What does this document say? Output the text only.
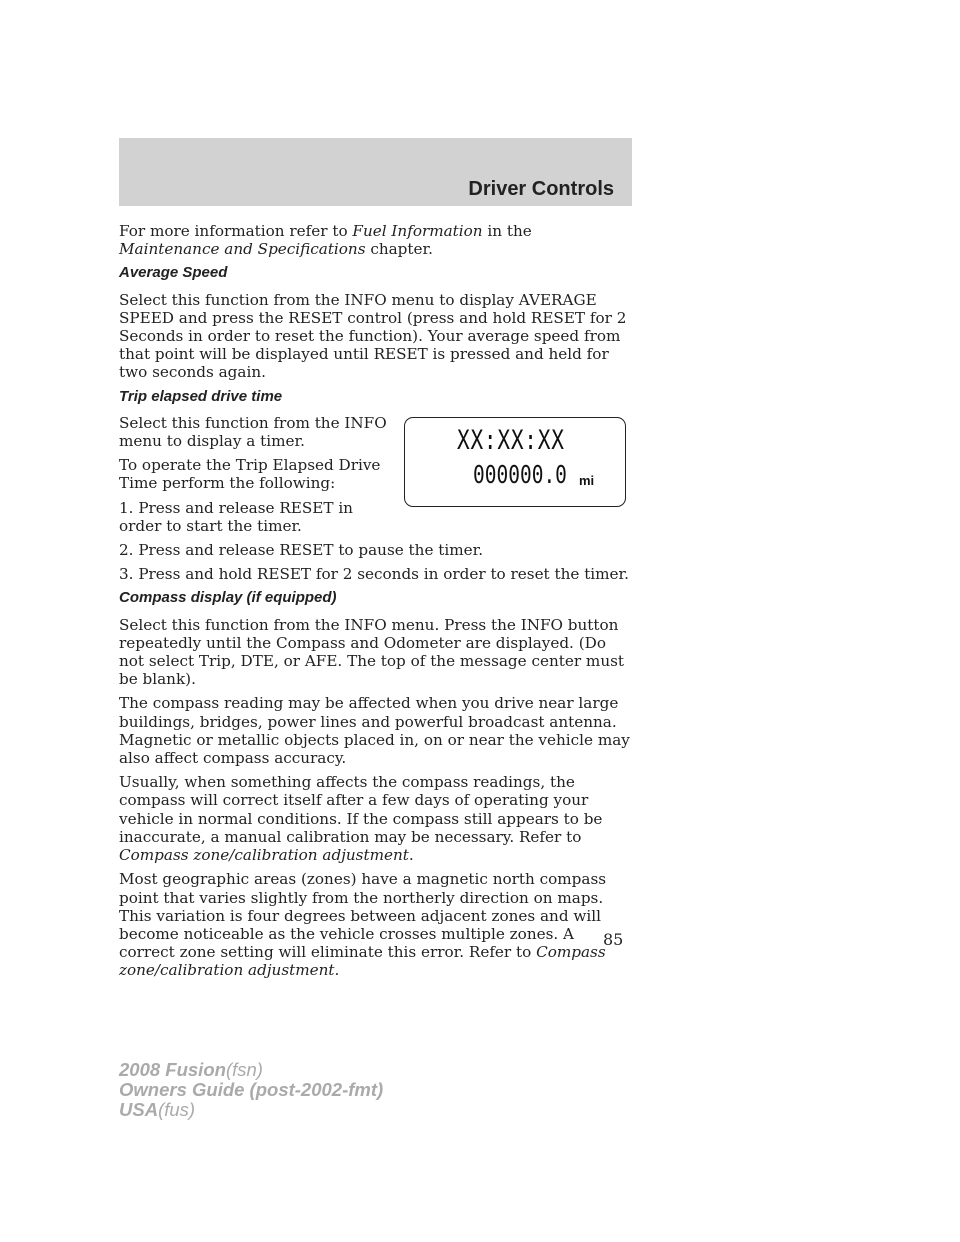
Driver Controls

For more information refer to Fuel Information in the Maintenance and Specifications chapter.

Average Speed

Select this function from the INFO menu to display AVERAGE SPEED and press the RESET control (press and hold RESET for 2 Seconds in order to reset the function). Your average speed from that point will be displayed until RESET is pressed and held for two seconds again.

Trip elapsed drive time
XX:XX:XX
000000.0 mi

Select this function from the INFO menu to display a timer.

To operate the Trip Elapsed Drive Time perform the following:

1. Press and release RESET in order to start the timer.

2. Press and release RESET to pause the timer.

3. Press and hold RESET for 2 seconds in order to reset the timer.

Compass display (if equipped)

Select this function from the INFO menu. Press the INFO button repeatedly until the Compass and Odometer are displayed. (Do not select Trip, DTE, or AFE. The top of the message center must be blank).

The compass reading may be affected when you drive near large buildings, bridges, power lines and powerful broadcast antenna. Magnetic or metallic objects placed in, on or near the vehicle may also affect compass accuracy.

Usually, when something affects the compass readings, the compass will correct itself after a few days of operating your vehicle in normal conditions. If the compass still appears to be inaccurate, a manual calibration may be necessary. Refer to Compass zone/calibration adjustment.

Most geographic areas (zones) have a magnetic north compass point that varies slightly from the northerly direction on maps. This variation is four degrees between adjacent zones and will become noticeable as the vehicle crosses multiple zones. A correct zone setting will eliminate this error. Refer to Compass zone/calibration adjustment.

85
2008 Fusion(fsn)
Owners Guide (post-2002-fmt)
USA(fus)
